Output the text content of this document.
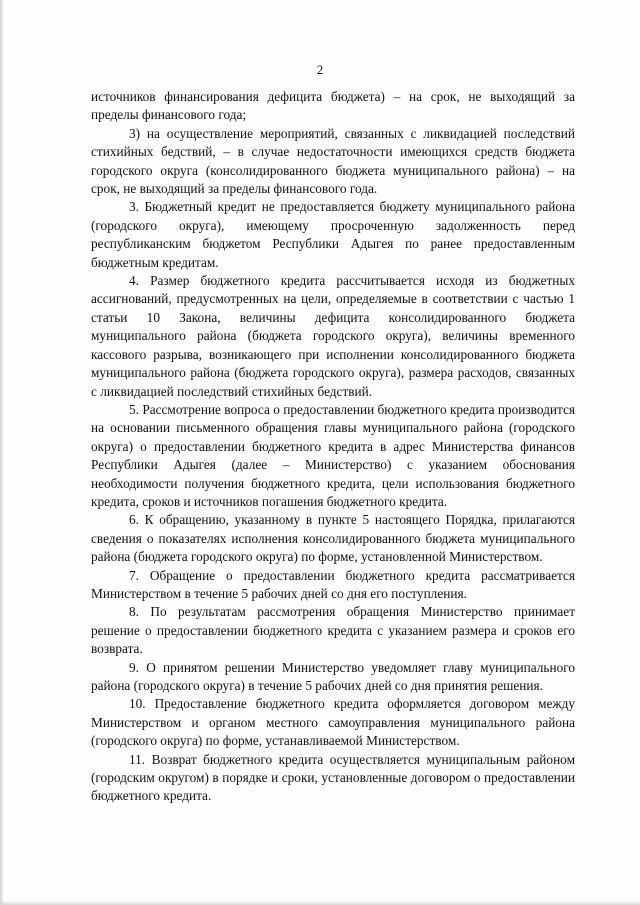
2

источников финансирования дефицита бюджета) – на срок, не выходящий за пределы финансового года;

3) на осуществление мероприятий, связанных с ликвидацией последствий стихийных бедствий, – в случае недостаточности имеющихся средств бюджета городского округа (консолидированного бюджета муниципального района) – на срок, не выходящий за пределы финансового года.

3. Бюджетный кредит не предоставляется бюджету муниципального района (городского округа), имеющему просроченную задолженность перед республиканским бюджетом Республики Адыгея по ранее предоставленным бюджетным кредитам.

4. Размер бюджетного кредита рассчитывается исходя из бюджетных ассигнований, предусмотренных на цели, определяемые в соответствии с частью 1 статьи 10 Закона, величины дефицита консолидированного бюджета муниципального района (бюджета городского округа), величины временного кассового разрыва, возникающего при исполнении консолидированного бюджета муниципального района (бюджета городского округа), размера расходов, связанных с ликвидацией последствий стихийных бедствий.

5. Рассмотрение вопроса о предоставлении бюджетного кредита производится на основании письменного обращения главы муниципального района (городского округа) о предоставлении бюджетного кредита в адрес Министерства финансов Республики Адыгея (далее – Министерство) с указанием обоснования необходимости получения бюджетного кредита, цели использования бюджетного кредита, сроков и источников погашения бюджетного кредита.

6. К обращению, указанному в пункте 5 настоящего Порядка, прилагаются сведения о показателях исполнения консолидированного бюджета муниципального района (бюджета городского округа) по форме, установленной Министерством.

7. Обращение о предоставлении бюджетного кредита рассматривается Министерством в течение 5 рабочих дней со дня его поступления.

8. По результатам рассмотрения обращения Министерство принимает решение о предоставлении бюджетного кредита с указанием размера и сроков его возврата.

9. О принятом решении Министерство уведомляет главу муниципального района (городского округа) в течение 5 рабочих дней со дня принятия решения.

10. Предоставление бюджетного кредита оформляется договором между Министерством и органом местного самоуправления муниципального района (городского округа) по форме, устанавливаемой Министерством.

11. Возврат бюджетного кредита осуществляется муниципальным районом (городским округом) в порядке и сроки, установленные договором о предоставлении бюджетного кредита.
